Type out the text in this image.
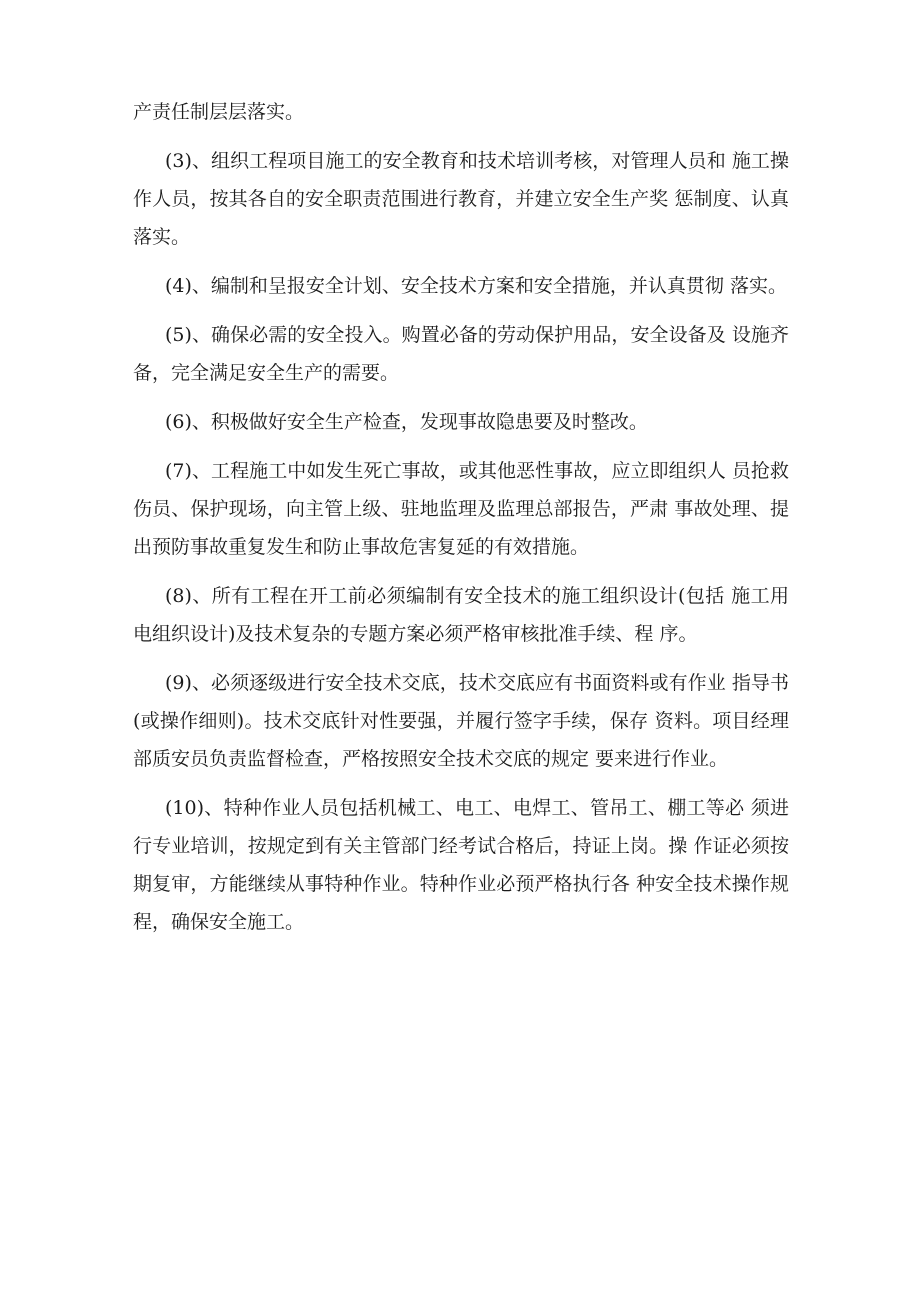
产责任制层层落实。

(3)、组织工程项目施工的安全教育和技术培训考核，对管理人员和 施工操作人员，按其各自的安全职责范围进行教育，并建立安全生产奖 惩制度、认真落实。

(4)、编制和呈报安全计划、安全技术方案和安全措施，并认真贯彻 落实。

(5)、确保必需的安全投入。购置必备的劳动保护用品，安全设备及 设施齐备，完全满足安全生产的需要。

(6)、积极做好安全生产检查，发现事故隐患要及时整改。

(7)、工程施工中如发生死亡事故，或其他恶性事故，应立即组织人 员抢救伤员、保护现场，向主管上级、驻地监理及监理总部报告，严肃 事故处理、提出预防事故重复发生和防止事故危害复延的有效措施。

(8)、所有工程在开工前必须编制有安全技术的施工组织设计(包括 施工用电组织设计)及技术复杂的专题方案必须严格审核批准手续、程 序。

(9)、必须逐级进行安全技术交底，技术交底应有书面资料或有作业 指导书(或操作细则)。技术交底针对性要强，并履行签字手续，保存 资料。项目经理部质安员负责监督检查，严格按照安全技术交底的规定 要来进行作业。

(10)、特种作业人员包括机械工、电工、电焊工、管吊工、棚工等必 须进行专业培训，按规定到有关主管部门经考试合格后，持证上岗。操 作证必须按期复审，方能继续从事特种作业。特种作业必预严格执行各 种安全技术操作规程，确保安全施工。
